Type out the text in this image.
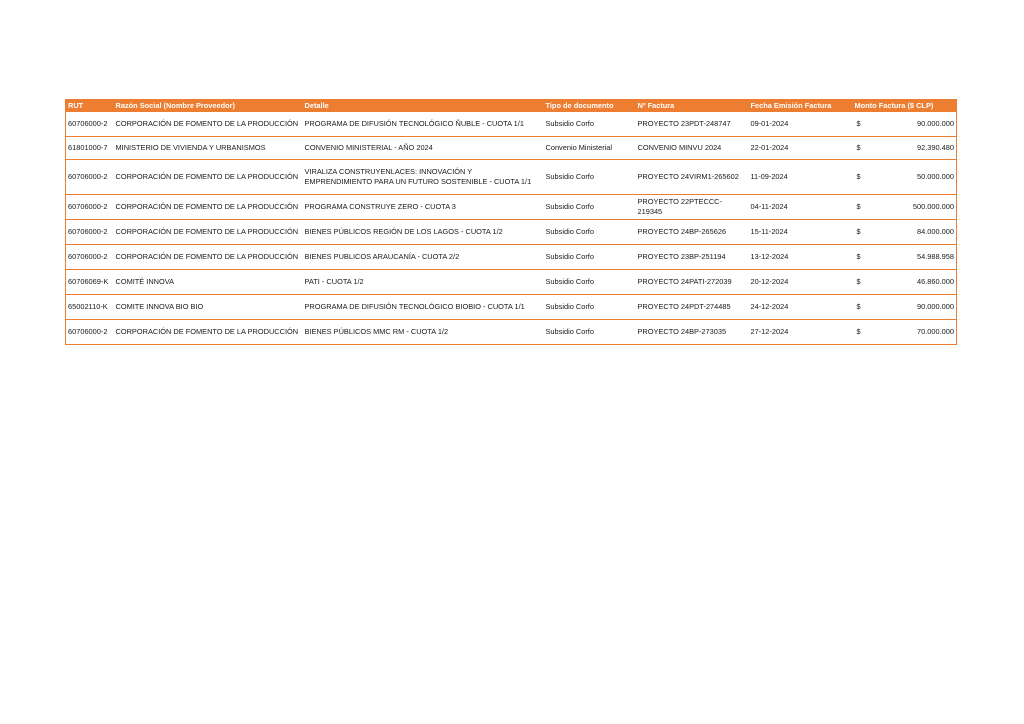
RUT	Razón Social (Nombre Proveedor)	Detalle	Tipo de documento	Nº Factura	Fecha Emisión Factura	Monto Factura ($ CLP)
60706000-2	CORPORACIÓN DE FOMENTO DE LA PRODUCCIÓN	PROGRAMA DE DIFUSIÓN TECNOLÓGICO ÑUBLE - CUOTA 1/1	Subsidio Corfo	PROYECTO 23PDT-248747	09-01-2024	$ 90.000.000

61801000-7	MINISTERIO DE VIVIENDA Y URBANISMOS	CONVENIO MINISTERIAL - AÑO 2024	Convenio Ministerial	CONVENIO MINVU 2024	22-01-2024	$ 92.390.480

60706000-2	CORPORACIÓN DE FOMENTO DE LA PRODUCCIÓN	VIRALIZA CONSTRUYENLACES: INNOVACIÓN Y EMPRENDIMIENTO PARA UN FUTURO SOSTENIBLE - CUOTA 1/1	Subsidio Corfo	PROYECTO 24VIRM1-265602	11-09-2024	$ 50.000.000

60706000-2	CORPORACIÓN DE FOMENTO DE LA PRODUCCIÓN	PROGRAMA CONSTRUYE ZERO - CUOTA 3	Subsidio Corfo	PROYECTO 22PTECCC-219345	04-11-2024	$ 500.000.000

60706000-2	CORPORACIÓN DE FOMENTO DE LA PRODUCCIÓN	BIENES PÚBLICOS REGIÓN DE LOS LAGOS - CUOTA 1/2	Subsidio Corfo	PROYECTO 24BP-265626	15-11-2024	$ 84.000.000

60706000-2	CORPORACIÓN DE FOMENTO DE LA PRODUCCIÓN	BIENES PUBLICOS ARAUCANÍA - CUOTA 2/2	Subsidio Corfo	PROYECTO 23BP-251194	13-12-2024	$ 54.988.958

60706069-K	COMITÉ INNOVA	PATI - CUOTA 1/2	Subsidio Corfo	PROYECTO 24PATI-272039	20-12-2024	$ 46.860.000

65002110-K	COMITE INNOVA BIO BIO	PROGRAMA DE DIFUSIÓN TECNOLÓGICO BIOBIO - CUOTA 1/1	Subsidio Corfo	PROYECTO 24PDT-274485	24-12-2024	$ 90.000.000

60706000-2	CORPORACIÓN DE FOMENTO DE LA PRODUCCIÓN	BIENES PÚBLICOS MMC RM - CUOTA 1/2	Subsidio Corfo	PROYECTO 24BP-273035	27-12-2024	$ 70.000.000
